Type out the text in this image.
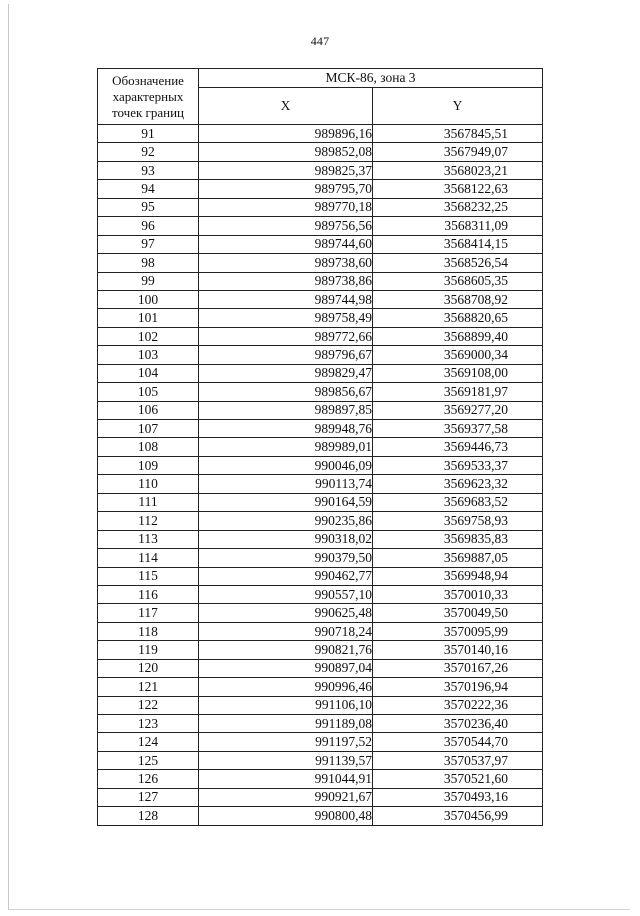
447
Обозначение характерных точек границ	МСК-86, зона 3	
	X	Y
91	989896,16	3567845,51
92	989852,08	3567949,07
93	989825,37	3568023,21
94	989795,70	3568122,63
95	989770,18	3568232,25
96	989756,56	3568311,09
97	989744,60	3568414,15
98	989738,60	3568526,54
99	989738,86	3568605,35
100	989744,98	3568708,92
101	989758,49	3568820,65
102	989772,66	3568899,40
103	989796,67	3569000,34
104	989829,47	3569108,00
105	989856,67	3569181,97
106	989897,85	3569277,20
107	989948,76	3569377,58
108	989989,01	3569446,73
109	990046,09	3569533,37
110	990113,74	3569623,32
111	990164,59	3569683,52
112	990235,86	3569758,93
113	990318,02	3569835,83
114	990379,50	3569887,05
115	990462,77	3569948,94
116	990557,10	3570010,33
117	990625,48	3570049,50
118	990718,24	3570095,99
119	990821,76	3570140,16
120	990897,04	3570167,26
121	990996,46	3570196,94
122	991106,10	3570222,36
123	991189,08	3570236,40
124	991197,52	3570544,70
125	991139,57	3570537,97
126	991044,91	3570521,60
127	990921,67	3570493,16
128	990800,48	3570456,99
